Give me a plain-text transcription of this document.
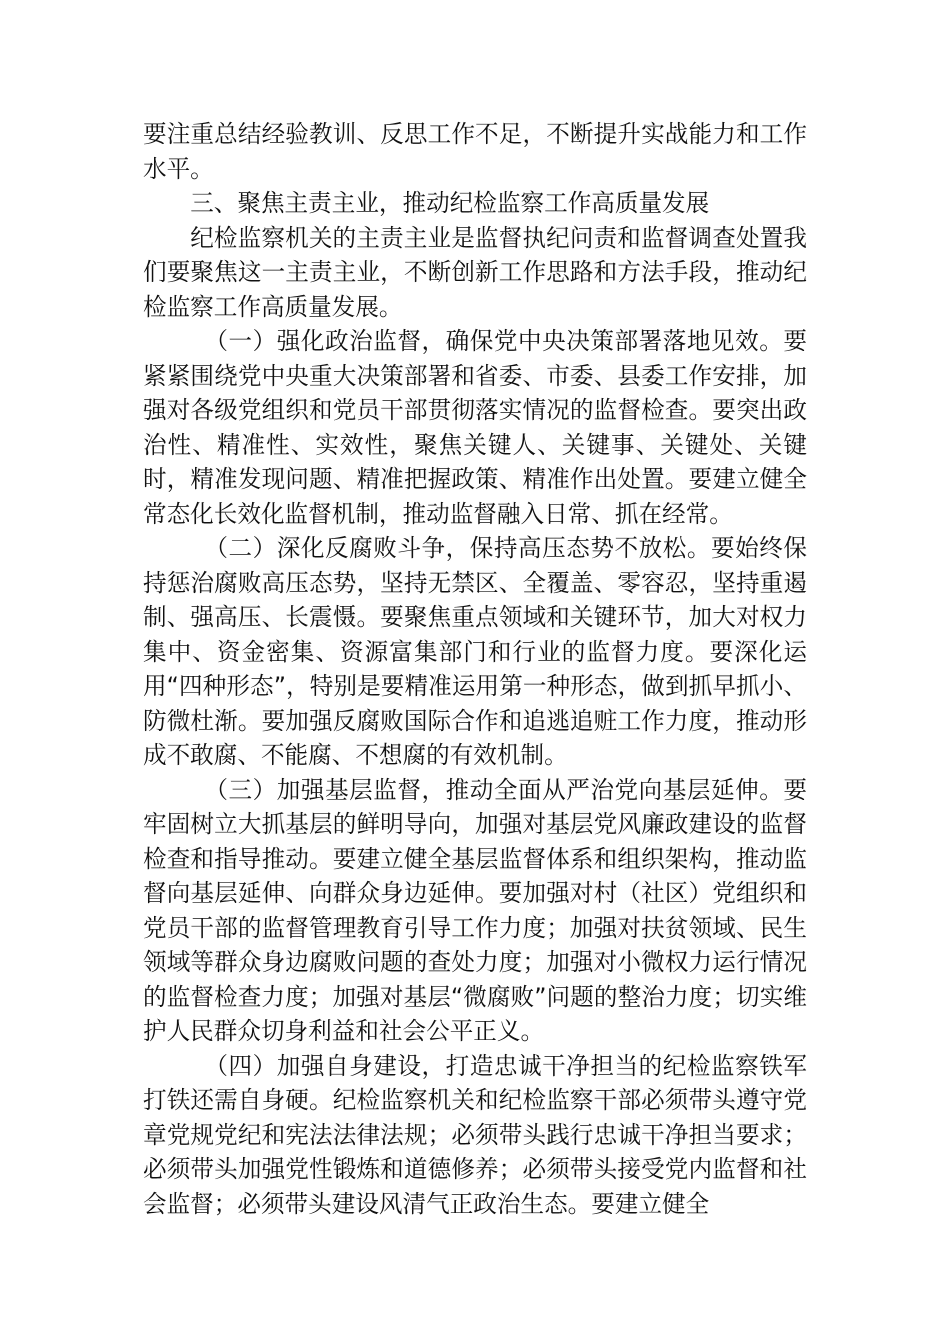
要注重总结经验教训、反思工作不足，不断提升实战能力和工作水平。

三、聚焦主责主业，推动纪检监察工作高质量发展

纪检监察机关的主责主业是监督执纪问责和监督调查处置我们要聚焦这一主责主业，不断创新工作思路和方法手段，推动纪检监察工作高质量发展。

（一）强化政治监督，确保党中央决策部署落地见效。要紧紧围绕党中央重大决策部署和省委、市委、县委工作安排，加强对各级党组织和党员干部贯彻落实情况的监督检查。要突出政治性、精准性、实效性，聚焦关键人、关键事、关键处、关键时，精准发现问题、精准把握政策、精准作出处置。要建立健全常态化长效化监督机制，推动监督融入日常、抓在经常。

（二）深化反腐败斗争，保持高压态势不放松。要始终保持惩治腐败高压态势，坚持无禁区、全覆盖、零容忍，坚持重遏制、强高压、长震慑。要聚焦重点领域和关键环节，加大对权力集中、资金密集、资源富集部门和行业的监督力度。要深化运用“四种形态”，特别是要精准运用第一种形态，做到抓早抓小、防微杜渐。要加强反腐败国际合作和追逃追赃工作力度，推动形成不敢腐、不能腐、不想腐的有效机制。

（三）加强基层监督，推动全面从严治党向基层延伸。要牢固树立大抓基层的鲜明导向，加强对基层党风廉政建设的监督检查和指导推动。要建立健全基层监督体系和组织架构，推动监督向基层延伸、向群众身边延伸。要加强对村（社区）党组织和党员干部的监督管理教育引导工作力度；加强对扶贫领域、民生领域等群众身边腐败问题的查处力度；加强对小微权力运行情况的监督检查力度；加强对基层“微腐败”问题的整治力度；切实维护人民群众切身利益和社会公平正义。

（四）加强自身建设，打造忠诚干净担当的纪检监察铁军打铁还需自身硬。纪检监察机关和纪检监察干部必须带头遵守党章党规党纪和宪法法律法规；必须带头践行忠诚干净担当要求；必须带头加强党性锻炼和道德修养；必须带头接受党内监督和社会监督；必须带头建设风清气正政治生态。要建立健全
